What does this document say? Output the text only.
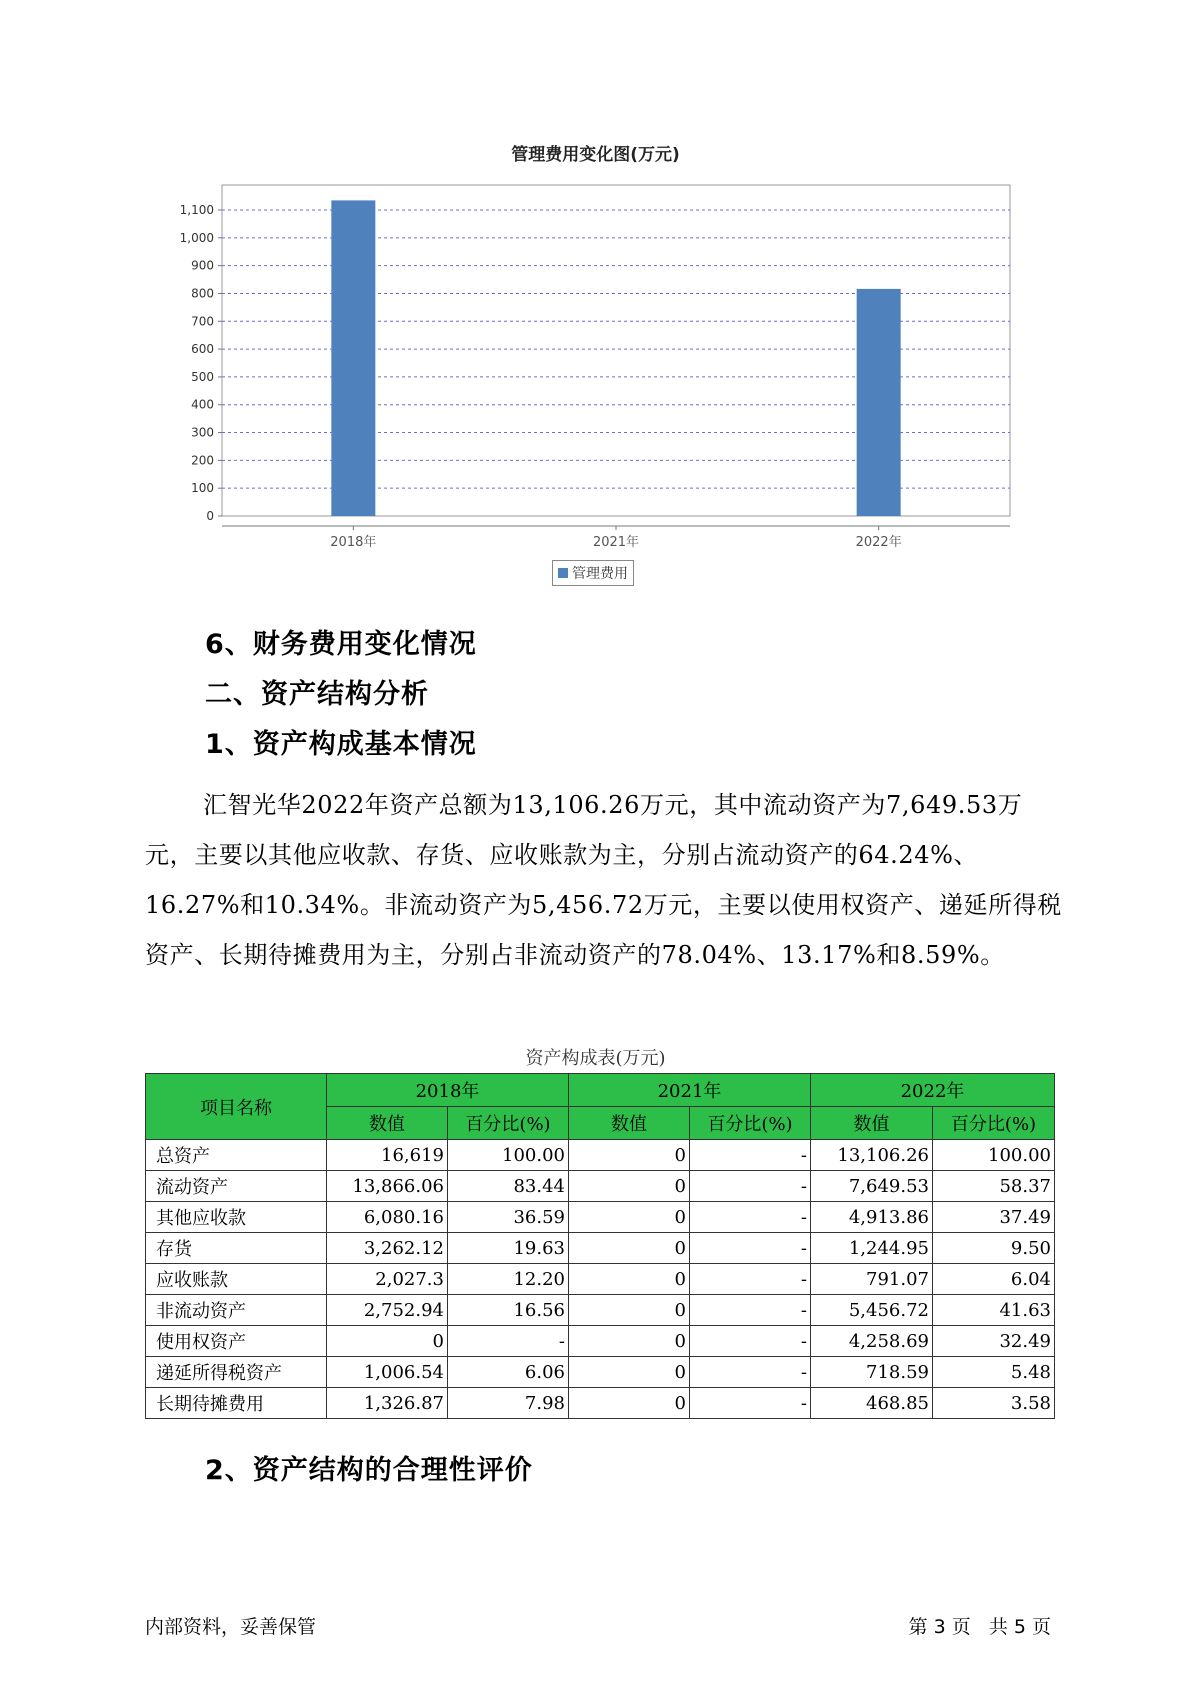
管理费用变化图(万元)
0
100
200
300
400
500
600
700
800
900
1,000
1,100
2018年	2021年	2022年
管理费用
6、财务费用变化情况
二、资产结构分析
1、资产构成基本情况

汇智光华2022年资产总额为13,106.26万元，其中流动资产为7,649.53万元，主要以其他应收款、存货、应收账款为主，分别占流动资产的64.24%、16.27%和10.34%。非流动资产为5,456.72万元，主要以使用权资产、递延所得税资产、长期待摊费用为主，分别占非流动资产的78.04%、13.17%和8.59%。

资产构成表(万元)
项目名称	2018年		2021年		2022年	
	数值	百分比(%)	数值	百分比(%)	数值	百分比(%)
总资产	16,619	100.00	0	-	13,106.26	100.00
流动资产	13,866.06	83.44	0	-	7,649.53	58.37
其他应收款	6,080.16	36.59	0	-	4,913.86	37.49
存货	3,262.12	19.63	0	-	1,244.95	9.50
应收账款	2,027.3	12.20	0	-	791.07	6.04
非流动资产	2,752.94	16.56	0	-	5,456.72	41.63
使用权资产	0	-	0	-	4,258.69	32.49
递延所得税资产	1,006.54	6.06	0	-	718.59	5.48
长期待摊费用	1,326.87	7.98	0	-	468.85	3.58
2、资产结构的合理性评价
内部资料，妥善保管	第 3 页   共 5 页
